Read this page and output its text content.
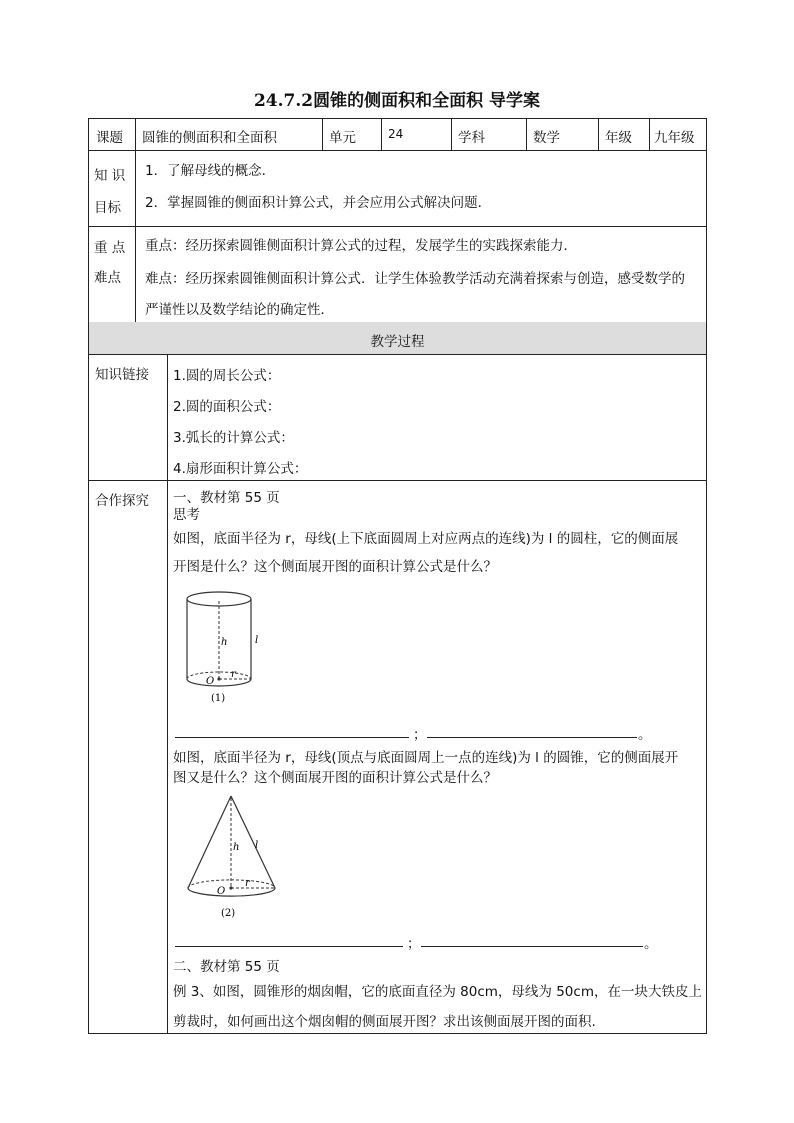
24.7.2圆锥的侧面积和全面积 导学案
课题 圆锥的侧面积和全面积	单元	24	学科	数学	年级 九年级
知 识
目标
1．了解母线的概念．
2．掌握圆锥的侧面积计算公式，并会应用公式解决问题．
重 点
难点
重点：经历探索圆锥侧面积计算公式的过程，发展学生的实践探索能力．
难点：经历探索圆锥侧面积计算公式．让学生体验教学活动充满着探索与创造，感受数学的
严谨性以及数学结论的确定性．
教学过程
知识链接 1.圆的周长公式：
2.圆的面积公式：
3.弧长的计算公式：
4.扇形面积计算公式：
合作探究 一、教材第 55 页
思考
如图，底面半径为 r，母线(上下底面圆周上对应两点的连线)为 l 的圆柱，它的侧面展
开图是什么？这个侧面展开图的面积计算公式是什么？
h	l
r
O
(1)
；	。
如图，底面半径为 r，母线(顶点与底面圆周上一点的连线)为 l 的圆锥，它的侧面展开
图又是什么？这个侧面展开图的面积计算公式是什么？
h l
r
O
(2)
；	。
二、教材第 55 页
例 3、如图，圆锥形的烟囱帽，它的底面直径为 80cm，母线为 50cm，在一块大铁皮上
剪裁时，如何画出这个烟囱帽的侧面展开图？求出该侧面展开图的面积.
